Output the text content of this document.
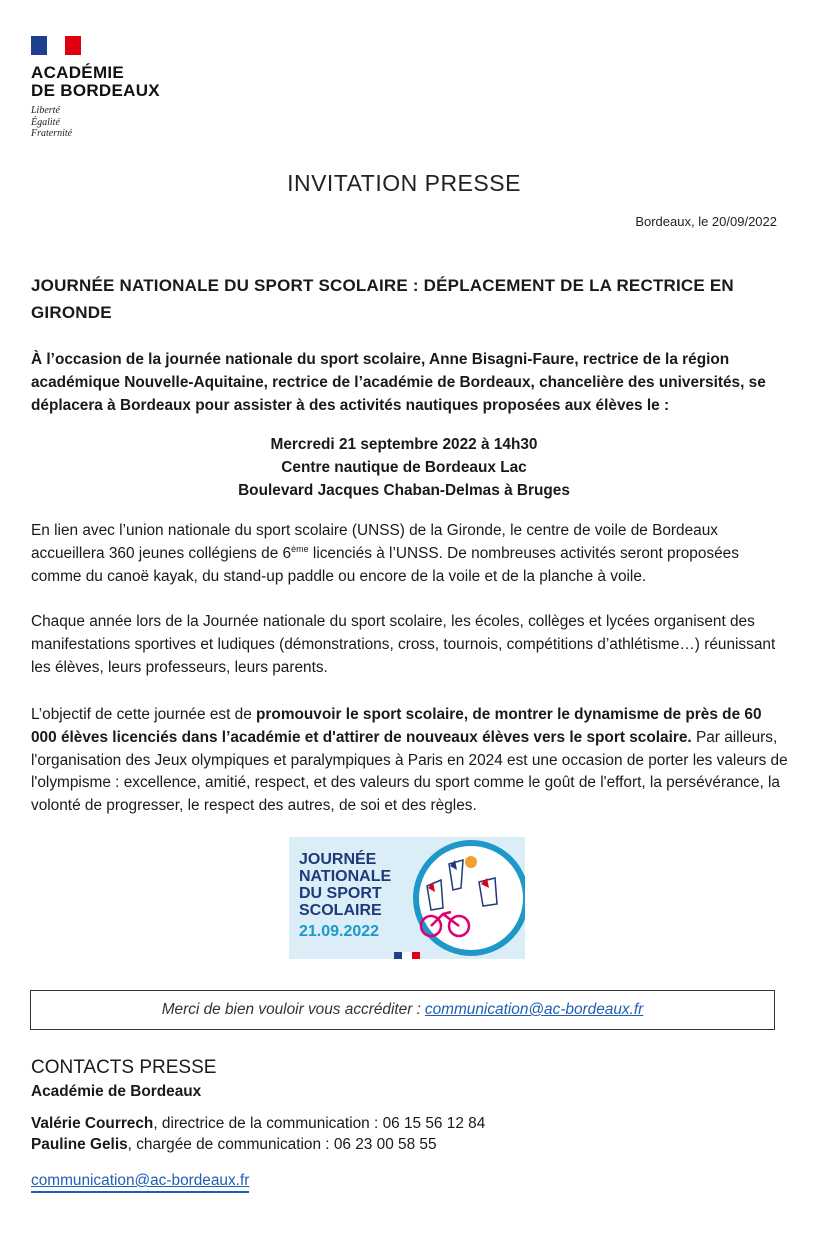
ACADÉMIE
DE BORDEAUX
Liberté
Égalité
Fraternité
INVITATION PRESSE
Bordeaux, le 20/09/2022
JOURNÉE NATIONALE DU SPORT SCOLAIRE : DÉPLACEMENT DE LA RECTRICE EN GIRONDE
À l’occasion de la journée nationale du sport scolaire, Anne Bisagni-Faure, rectrice de la région académique Nouvelle-Aquitaine, rectrice de l’académie de Bordeaux, chancelière des universités, se déplacera à Bordeaux pour assister à des activités nautiques proposées aux élèves le :
Mercredi 21 septembre 2022 à 14h30
Centre nautique de Bordeaux Lac
Boulevard Jacques Chaban-Delmas à Bruges
En lien avec l’union nationale du sport scolaire (UNSS) de la Gironde, le centre de voile de Bordeaux accueillera 360 jeunes collégiens de 6ème licenciés à l’UNSS. De nombreuses activités seront proposées comme du canoë kayak, du stand-up paddle ou encore de la voile et de la planche à voile.
Chaque année lors de la Journée nationale du sport scolaire, les écoles, collèges et lycées organisent des manifestations sportives et ludiques (démonstrations, cross, tournois, compétitions d’athlétisme…) réunissant les élèves, leurs professeurs, leurs parents.
L’objectif de cette journée est de promouvoir le sport scolaire, de montrer le dynamisme de près de 60 000 élèves licenciés dans l’académie et d'attirer de nouveaux élèves vers le sport scolaire. Par ailleurs, l'organisation des Jeux olympiques et paralympiques à Paris en 2024 est une occasion de porter les valeurs de l'olympisme : excellence, amitié, respect, et des valeurs du sport comme le goût de l'effort, la persévérance, la volonté de progresser, le respect des autres, de soi et des règles.
JOURNÉE
NATIONALE
DU SPORT
SCOLAIRE
21.09.2022
Merci de bien vouloir vous accréditer : communication@ac-bordeaux.fr
CONTACTS PRESSE
Académie de Bordeaux
Valérie Courrech, directrice de la communication : 06 15 56 12 84
Pauline Gelis, chargée de communication : 06 23 00 58 55
communication@ac-bordeaux.fr
